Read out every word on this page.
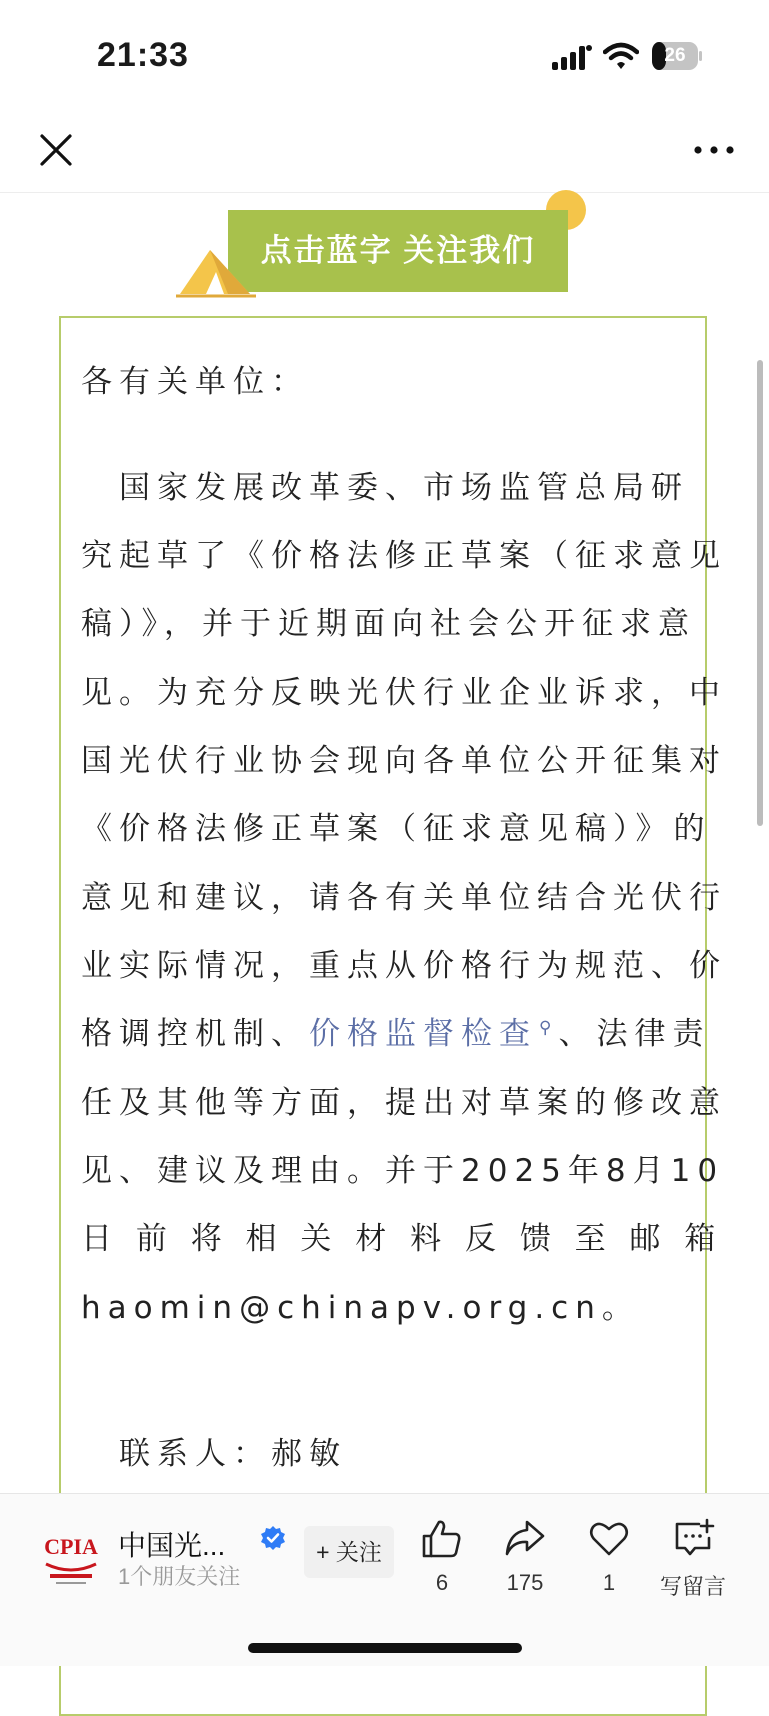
21:33	26
点击蓝字 关注我们
各有关单位：
　国家发展改革委、市场监管总局研
究起草了《价格法修正草案（征求意见
稿）》，并于近期面向社会公开征求意
见。为充分反映光伏行业企业诉求，中
国光伏行业协会现向各单位公开征集对
《价格法修正草案（征求意见稿）》的
意见和建议，请各有关单位结合光伏行
业实际情况，重点从价格行为规范、价
格调控机制、价格监督检查 ⚲、法律责
任及其他等方面，提出对草案的修改意
见、建议及理由。并于2025年8月10
日 前 将 相 关 材 料 反 馈 至 邮 箱
haomin@chinapv.org.cn。
　联系人：郝敏
CPIA 中国光...
1个朋友关注
+ 关注
6	175	1	写留言
